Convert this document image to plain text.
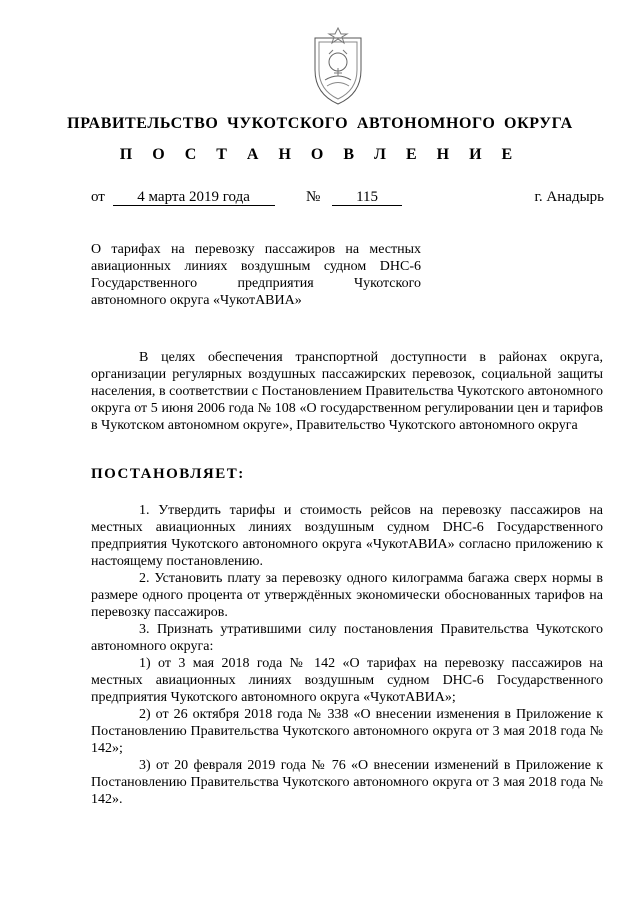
ПРАВИТЕЛЬСТВО ЧУКОТСКОГО АВТОНОМНОГО ОКРУГА
П О С Т А Н О В Л Е Н И Е
от 4 марта 2019 года	№ 115	г. Анадырь
О тарифах на перевозку пассажиров на местных авиационных линиях воздушным судном DHC-6 Государственного предприятия Чукотского автономного округа «ЧукотАВИА»

В целях обеспечения транспортной доступности в районах округа, организации регулярных воздушных пассажирских перевозок, социальной защиты населения, в соответствии с Постановлением Правительства Чукотского автономного округа от 5 июня 2006 года № 108 «О государственном регулировании цен и тарифов в Чукотском автономном округе», Правительство Чукотского автономного округа

ПОСТАНОВЛЯЕТ:

1. Утвердить тарифы и стоимость рейсов на перевозку пассажиров на местных авиационных линиях воздушным судном DHC-6 Государственного предприятия Чукотского автономного округа «ЧукотАВИА» согласно приложению к настоящему постановлению.

2. Установить плату за перевозку одного килограмма багажа сверх нормы в размере одного процента от утверждённых экономически обоснованных тарифов на перевозку пассажиров.

3. Признать утратившими силу постановления Правительства Чукотского автономного округа:

1) от 3 мая 2018 года № 142 «О тарифах на перевозку пассажиров на местных авиационных линиях воздушным судном DHC-6 Государственного предприятия Чукотского автономного округа «ЧукотАВИА»;

2) от 26 октября 2018 года № 338 «О внесении изменения в Приложение к Постановлению Правительства Чукотского автономного округа от 3 мая 2018 года № 142»;

3) от 20 февраля 2019 года № 76 «О внесении изменений в Приложение к Постановлению Правительства Чукотского автономного округа от 3 мая 2018 года № 142».
